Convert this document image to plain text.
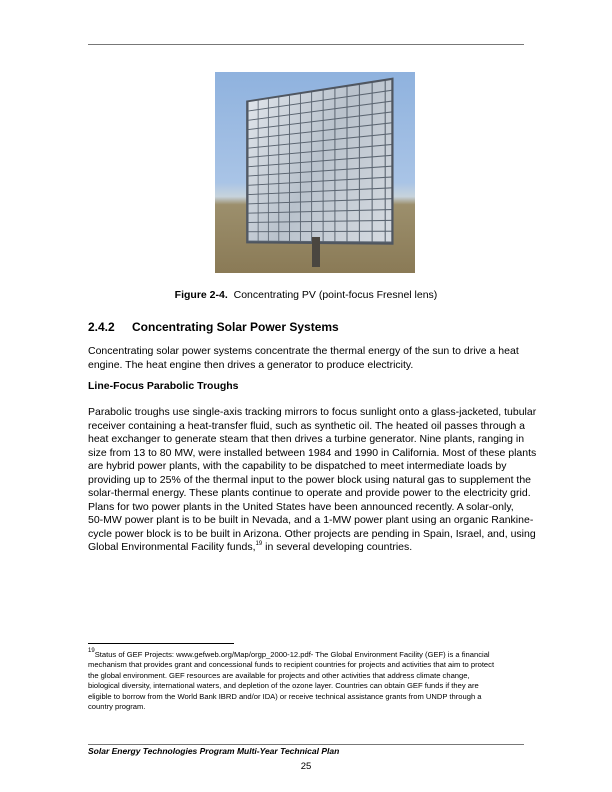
Figure 2-4. Concentrating PV (point-focus Fresnel lens)
2.4.2 Concentrating Solar Power Systems
Concentrating solar power systems concentrate the thermal energy of the sun to drive a heat
engine. The heat engine then drives a generator to produce electricity.
Line-Focus Parabolic Troughs
Parabolic troughs use single-axis tracking mirrors to focus sunlight onto a glass-jacketed, tubular
receiver containing a heat-transfer fluid, such as synthetic oil. The heated oil passes through a
heat exchanger to generate steam that then drives a turbine generator. Nine plants, ranging in
size from 13 to 80 MW, were installed between 1984 and 1990 in California. Most of these plants
are hybrid power plants, with the capability to be dispatched to meet intermediate loads by
providing up to 25% of the thermal input to the power block using natural gas to supplement the
solar-thermal energy. These plants continue to operate and provide power to the electricity grid.
Plans for two power plants in the United States have been announced recently. A solar-only,
50-MW power plant is to be built in Nevada, and a 1-MW power plant using an organic Rankine-
cycle power block is to be built in Arizona. Other projects are pending in Spain, Israel, and, using
Global Environmental Facility funds,$^{19}$ in several developing countries.
$^{19}$Status of GEF Projects: www.gefweb.org/Map/orgp_2000-12.pdf- The Global Environment Facility (GEF) is a financial
mechanism that provides grant and concessional funds to recipient countries for projects and activities that aim to protect
the global environment. GEF resources are available for projects and other activities that address climate change,
biological diversity, international waters, and depletion of the ozone layer. Countries can obtain GEF funds if they are
eligible to borrow from the World Bank IBRD and/or IDA) or receive technical assistance grants from UNDP through a
country program.
Solar Energy Technologies Program Multi-Year Technical Plan
25
